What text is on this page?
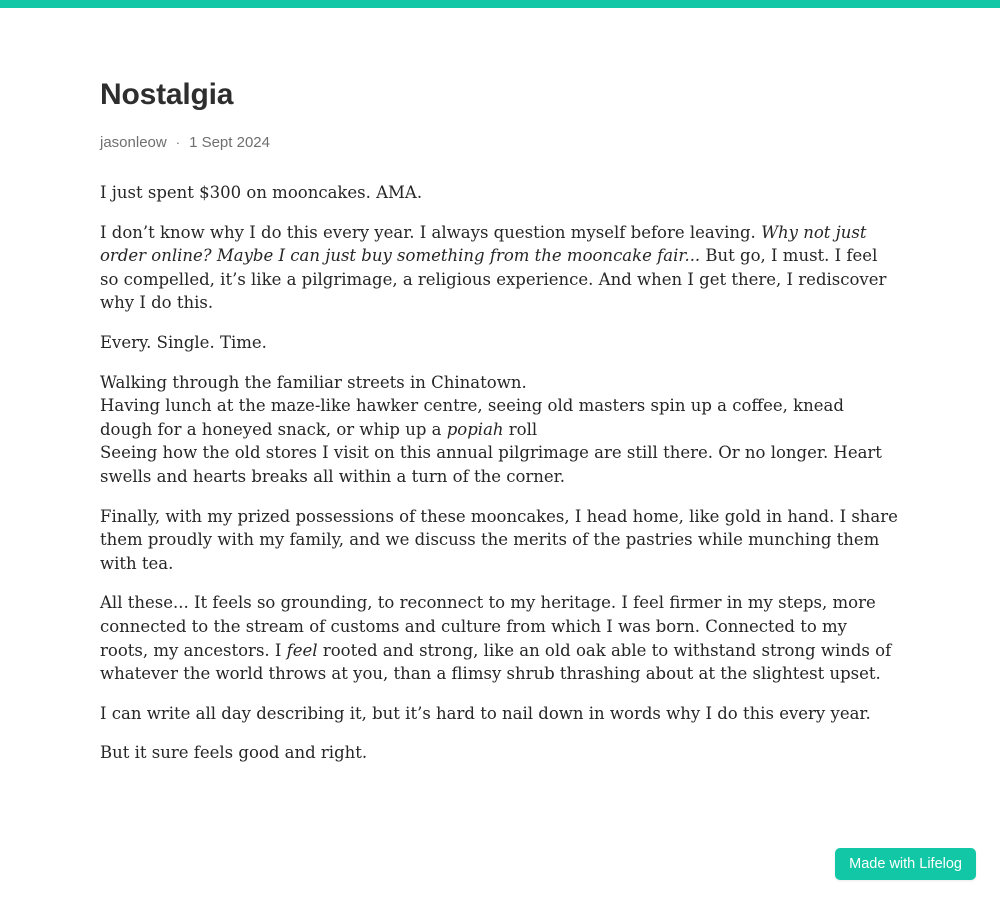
Nostalgia
jasonleow · 1 Sept 2024

I just spent $300 on mooncakes. AMA.

I don’t know why I do this every year. I always question myself before leaving. Why not just order online? Maybe I can just buy something from the mooncake fair... But go, I must. I feel so compelled, it’s like a pilgrimage, a religious experience. And when I get there, I rediscover why I do this.

Every. Single. Time.

Walking through the familiar streets in Chinatown.
Having lunch at the maze-like hawker centre, seeing old masters spin up a coffee, knead dough for a honeyed snack, or whip up a popiah roll
Seeing how the old stores I visit on this annual pilgrimage are still there. Or no longer. Heart swells and hearts breaks all within a turn of the corner.

Finally, with my prized possessions of these mooncakes, I head home, like gold in hand. I share them proudly with my family, and we discuss the merits of the pastries while munching them with tea.

All these... It feels so grounding, to reconnect to my heritage. I feel firmer in my steps, more connected to the stream of customs and culture from which I was born. Connected to my roots, my ancestors. I feel rooted and strong, like an old oak able to withstand strong winds of whatever the world throws at you, than a flimsy shrub thrashing about at the slightest upset.

I can write all day describing it, but it’s hard to nail down in words why I do this every year.

But it sure feels good and right.

Made with Lifelog
